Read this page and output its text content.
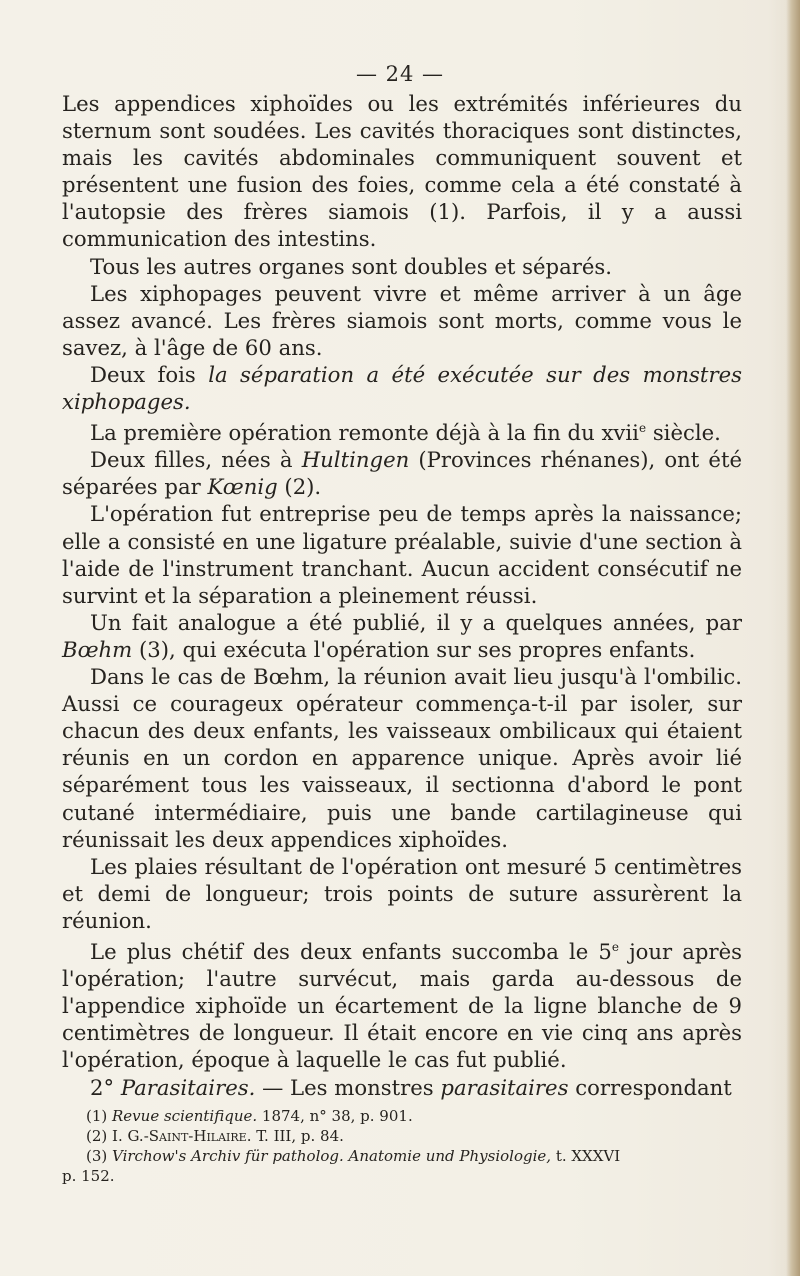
— 24 —

Les appendices xiphoïdes ou les extrémités inférieures du sternum sont soudées. Les cavités thoraciques sont distinctes, mais les cavités abdominales communiquent souvent et présentent une fusion des foies, comme cela a été constaté à l'autopsie des frères siamois (1). Parfois, il y a aussi communication des intestins.

Tous les autres organes sont doubles et séparés.

Les xiphopages peuvent vivre et même arriver à un âge assez avancé. Les frères siamois sont morts, comme vous le savez, à l'âge de 60 ans.

Deux fois la séparation a été exécutée sur des monstres xiphopages.

La première opération remonte déjà à la fin du xvii$^e$ siècle.

Deux filles, nées à Hultingen (Provinces rhénanes), ont été séparées par Kœnig (2).

L'opération fut entreprise peu de temps après la naissance; elle a consisté en une ligature préalable, suivie d'une section à l'aide de l'instrument tranchant. Aucun accident consécutif ne survint et la séparation a pleinement réussi.

Un fait analogue a été publié, il y a quelques années, par Bœhm (3), qui exécuta l'opération sur ses propres enfants.

Dans le cas de Bœhm, la réunion avait lieu jusqu'à l'ombilic. Aussi ce courageux opérateur commença-t-il par isoler, sur chacun des deux enfants, les vaisseaux ombilicaux qui étaient réunis en un cordon en apparence unique. Après avoir lié séparément tous les vaisseaux, il sectionna d'abord le pont cutané intermédiaire, puis une bande cartilagineuse qui réunissait les deux appendices xiphoïdes.

Les plaies résultant de l'opération ont mesuré 5 centimètres et demi de longueur; trois points de suture assurèrent la réunion.

Le plus chétif des deux enfants succomba le 5e jour après l'opération; l'autre survécut, mais garda au-dessous de l'appendice xiphoïde un écartement de la ligne blanche de 9 centimètres de longueur. Il était encore en vie cinq ans après l'opération, époque à laquelle le cas fut publié.

2° Parasitaires. — Les monstres parasitaires correspondant

(1) Revue scientifique. 1874, n° 38, p. 901.

(2) I. G.-Saint-Hilaire. T. III, p. 84.

(3) Virchow's Archiv für patholog. Anatomie und Physiologie, t. XXXVI

p. 152.
